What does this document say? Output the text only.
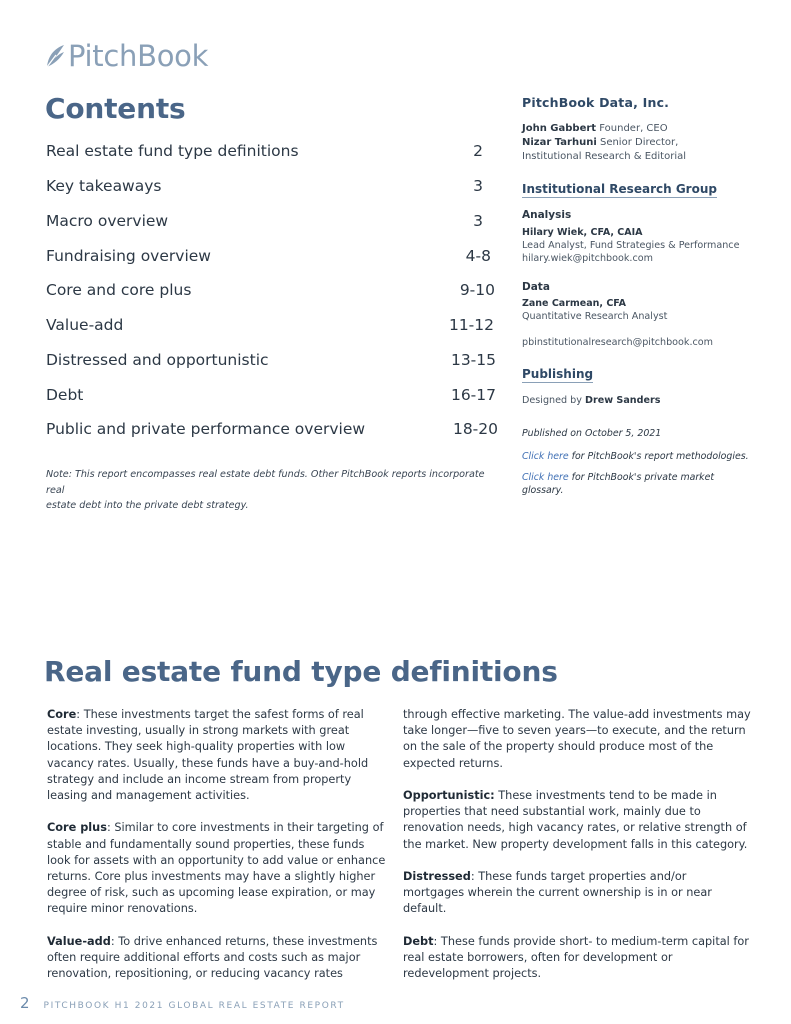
PitchBook
Contents
Real estate fund type definitions	2
Key takeaways	3
Macro overview	3
Fundraising overview	4-8
Core and core plus	9-10
Value-add	11-12
Distressed and opportunistic	13-15
Debt	16-17
Public and private performance overview	18-20
Note: This report encompasses real estate debt funds. Other PitchBook reports incorporate real
estate debt into the private debt strategy.
PitchBook Data, Inc.
John Gabbert Founder, CEO
Nizar Tarhuni Senior Director,
Institutional Research & Editorial
Institutional Research Group
Analysis
Hilary Wiek, CFA, CAIA
Lead Analyst, Fund Strategies & Performance
hilary.wiek@pitchbook.com
Data
Zane Carmean, CFA
Quantitative Research Analyst
pbinstitutionalresearch@pitchbook.com
Publishing
Designed by Drew Sanders
Published on October 5, 2021
Click here for PitchBook's report methodologies.
Click here for PitchBook's private market
glossary.
Real estate fund type definitions

Core: These investments target the safest forms of real estate investing, usually in strong markets with great locations. They seek high-quality properties with low vacancy rates. Usually, these funds have a buy-and-hold strategy and include an income stream from property leasing and management activities.

Core plus: Similar to core investments in their targeting of stable and fundamentally sound properties, these funds look for assets with an opportunity to add value or enhance returns. Core plus investments may have a slightly higher degree of risk, such as upcoming lease expiration, or may require minor renovations.

Value-add: To drive enhanced returns, these investments often require additional efforts and costs such as major renovation, repositioning, or reducing vacancy rates

through effective marketing. The value-add investments may take longer—five to seven years—to execute, and the return on the sale of the property should produce most of the expected returns.

Opportunistic: These investments tend to be made in properties that need substantial work, mainly due to renovation needs, high vacancy rates, or relative strength of the market. New property development falls in this category.

Distressed: These funds target properties and/or mortgages wherein the current ownership is in or near default.

Debt: These funds provide short- to medium-term capital for real estate borrowers, often for development or redevelopment projects.

2 PITCHBOOK H1 2021 GLOBAL REAL ESTATE REPORT
